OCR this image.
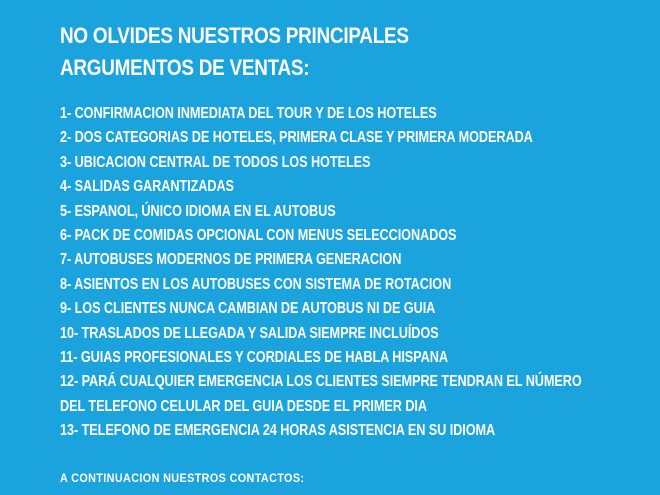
NO OLVIDES NUESTROS PRINCIPALES
ARGUMENTOS DE VENTAS:
1- CONFIRMACION INMEDIATA DEL TOUR Y DE LOS HOTELES
2- DOS CATEGORIAS DE HOTELES, PRIMERA CLASE Y PRIMERA MODERADA
3- UBICACION CENTRAL DE TODOS LOS HOTELES
4- SALIDAS GARANTIZADAS
5- ESPANOL, ÚNICO IDIOMA EN EL AUTOBUS
6- PACK DE COMIDAS OPCIONAL CON MENUS SELECCIONADOS
7- AUTOBUSES MODERNOS DE PRIMERA GENERACION
8- ASIENTOS EN LOS AUTOBUSES CON SISTEMA DE ROTACION
9- LOS CLIENTES NUNCA CAMBIAN DE AUTOBUS NI DE GUIA
10- TRASLADOS DE LLEGADA Y SALIDA SIEMPRE INCLUÍDOS
11- GUIAS PROFESIONALES Y CORDIALES DE HABLA HISPANA
12- PARÁ CUALQUIER EMERGENCIA LOS CLIENTES SIEMPRE TENDRAN EL NÚMERO
DEL TELEFONO CELULAR DEL GUIA DESDE EL PRIMER DIA
13- TELEFONO DE EMERGENCIA 24 HORAS ASISTENCIA EN SU IDIOMA
A CONTINUACION NUESTROS CONTACTOS:
